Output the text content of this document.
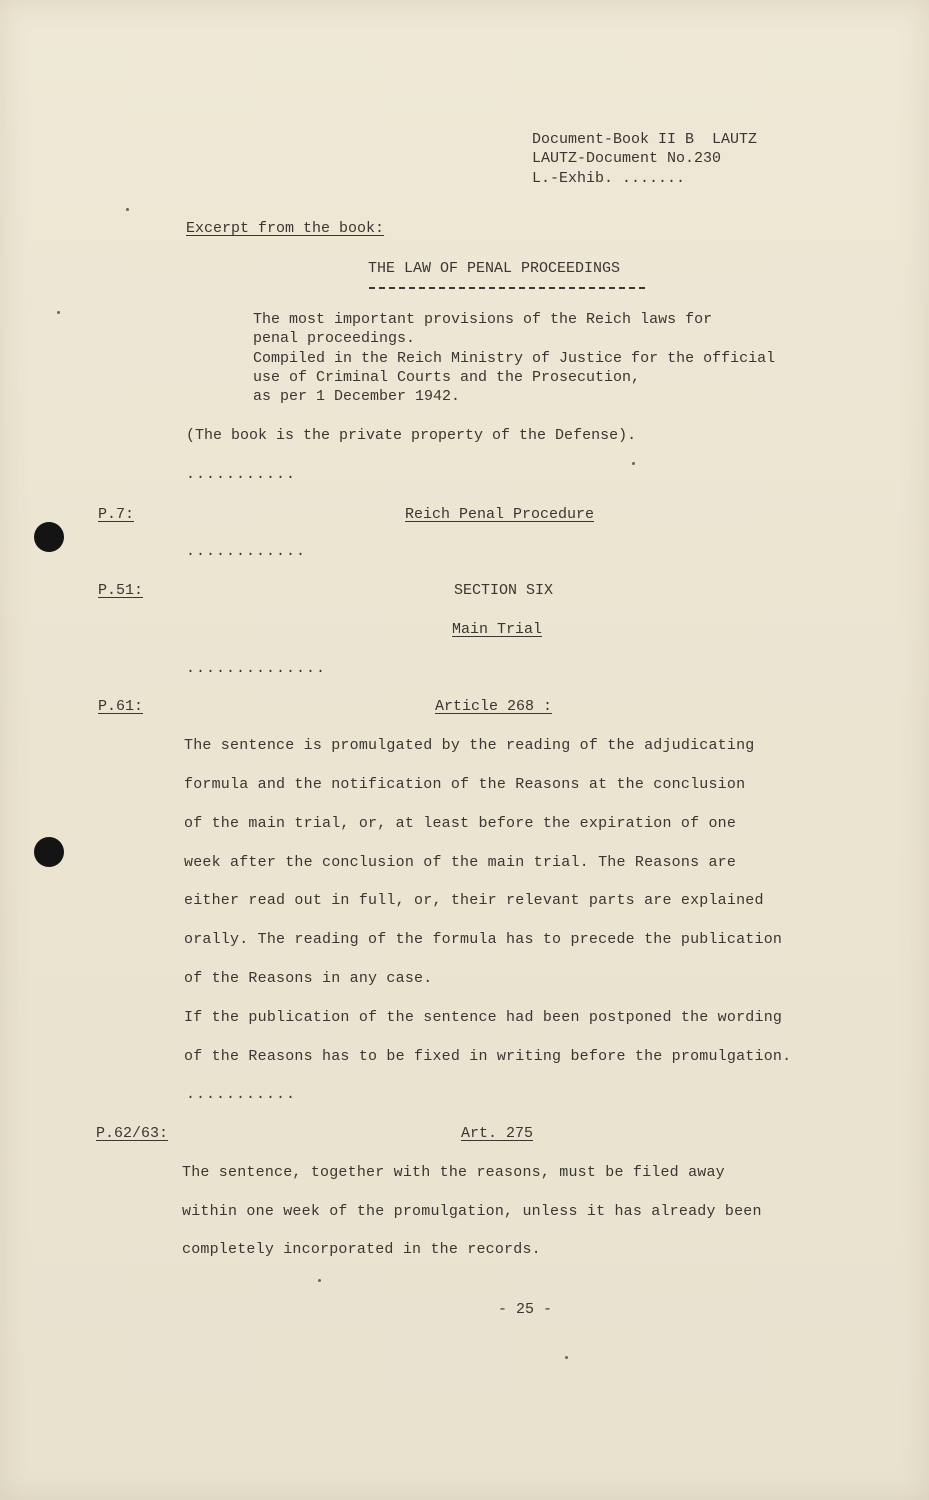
Document-Book II B  LAUTZ
LAUTZ-Document No.230
L.-Exhib. .......
Excerpt from the book:
THE LAW OF PENAL PROCEEDINGS
The most important provisions of the Reich laws for
penal proceedings.
Compiled in the Reich Ministry of Justice for the official
use of Criminal Courts and the Prosecution,
as per 1 December 1942.
(The book is the private property of the Defense).
...........
P.7:	Reich Penal Procedure
............
P.51:	SECTION SIX
Main Trial
..............
P.61:	Article 268 :
The sentence is promulgated by the reading of the adjudicating
formula and the notification of the Reasons at the conclusion
of the main trial, or, at least before the expiration of one
week after the conclusion of the main trial. The Reasons are
either read out in full, or, their relevant parts are explained
orally. The reading of the formula has to precede the publication
of the Reasons in any case.
If the publication of the sentence had been postponed the wording
of the Reasons has to be fixed in writing before the promulgation.
...........
P.62/63:	Art. 275
The sentence, together with the reasons, must be filed away
within one week of the promulgation, unless it has already been
completely incorporated in the records.
- 25 -
